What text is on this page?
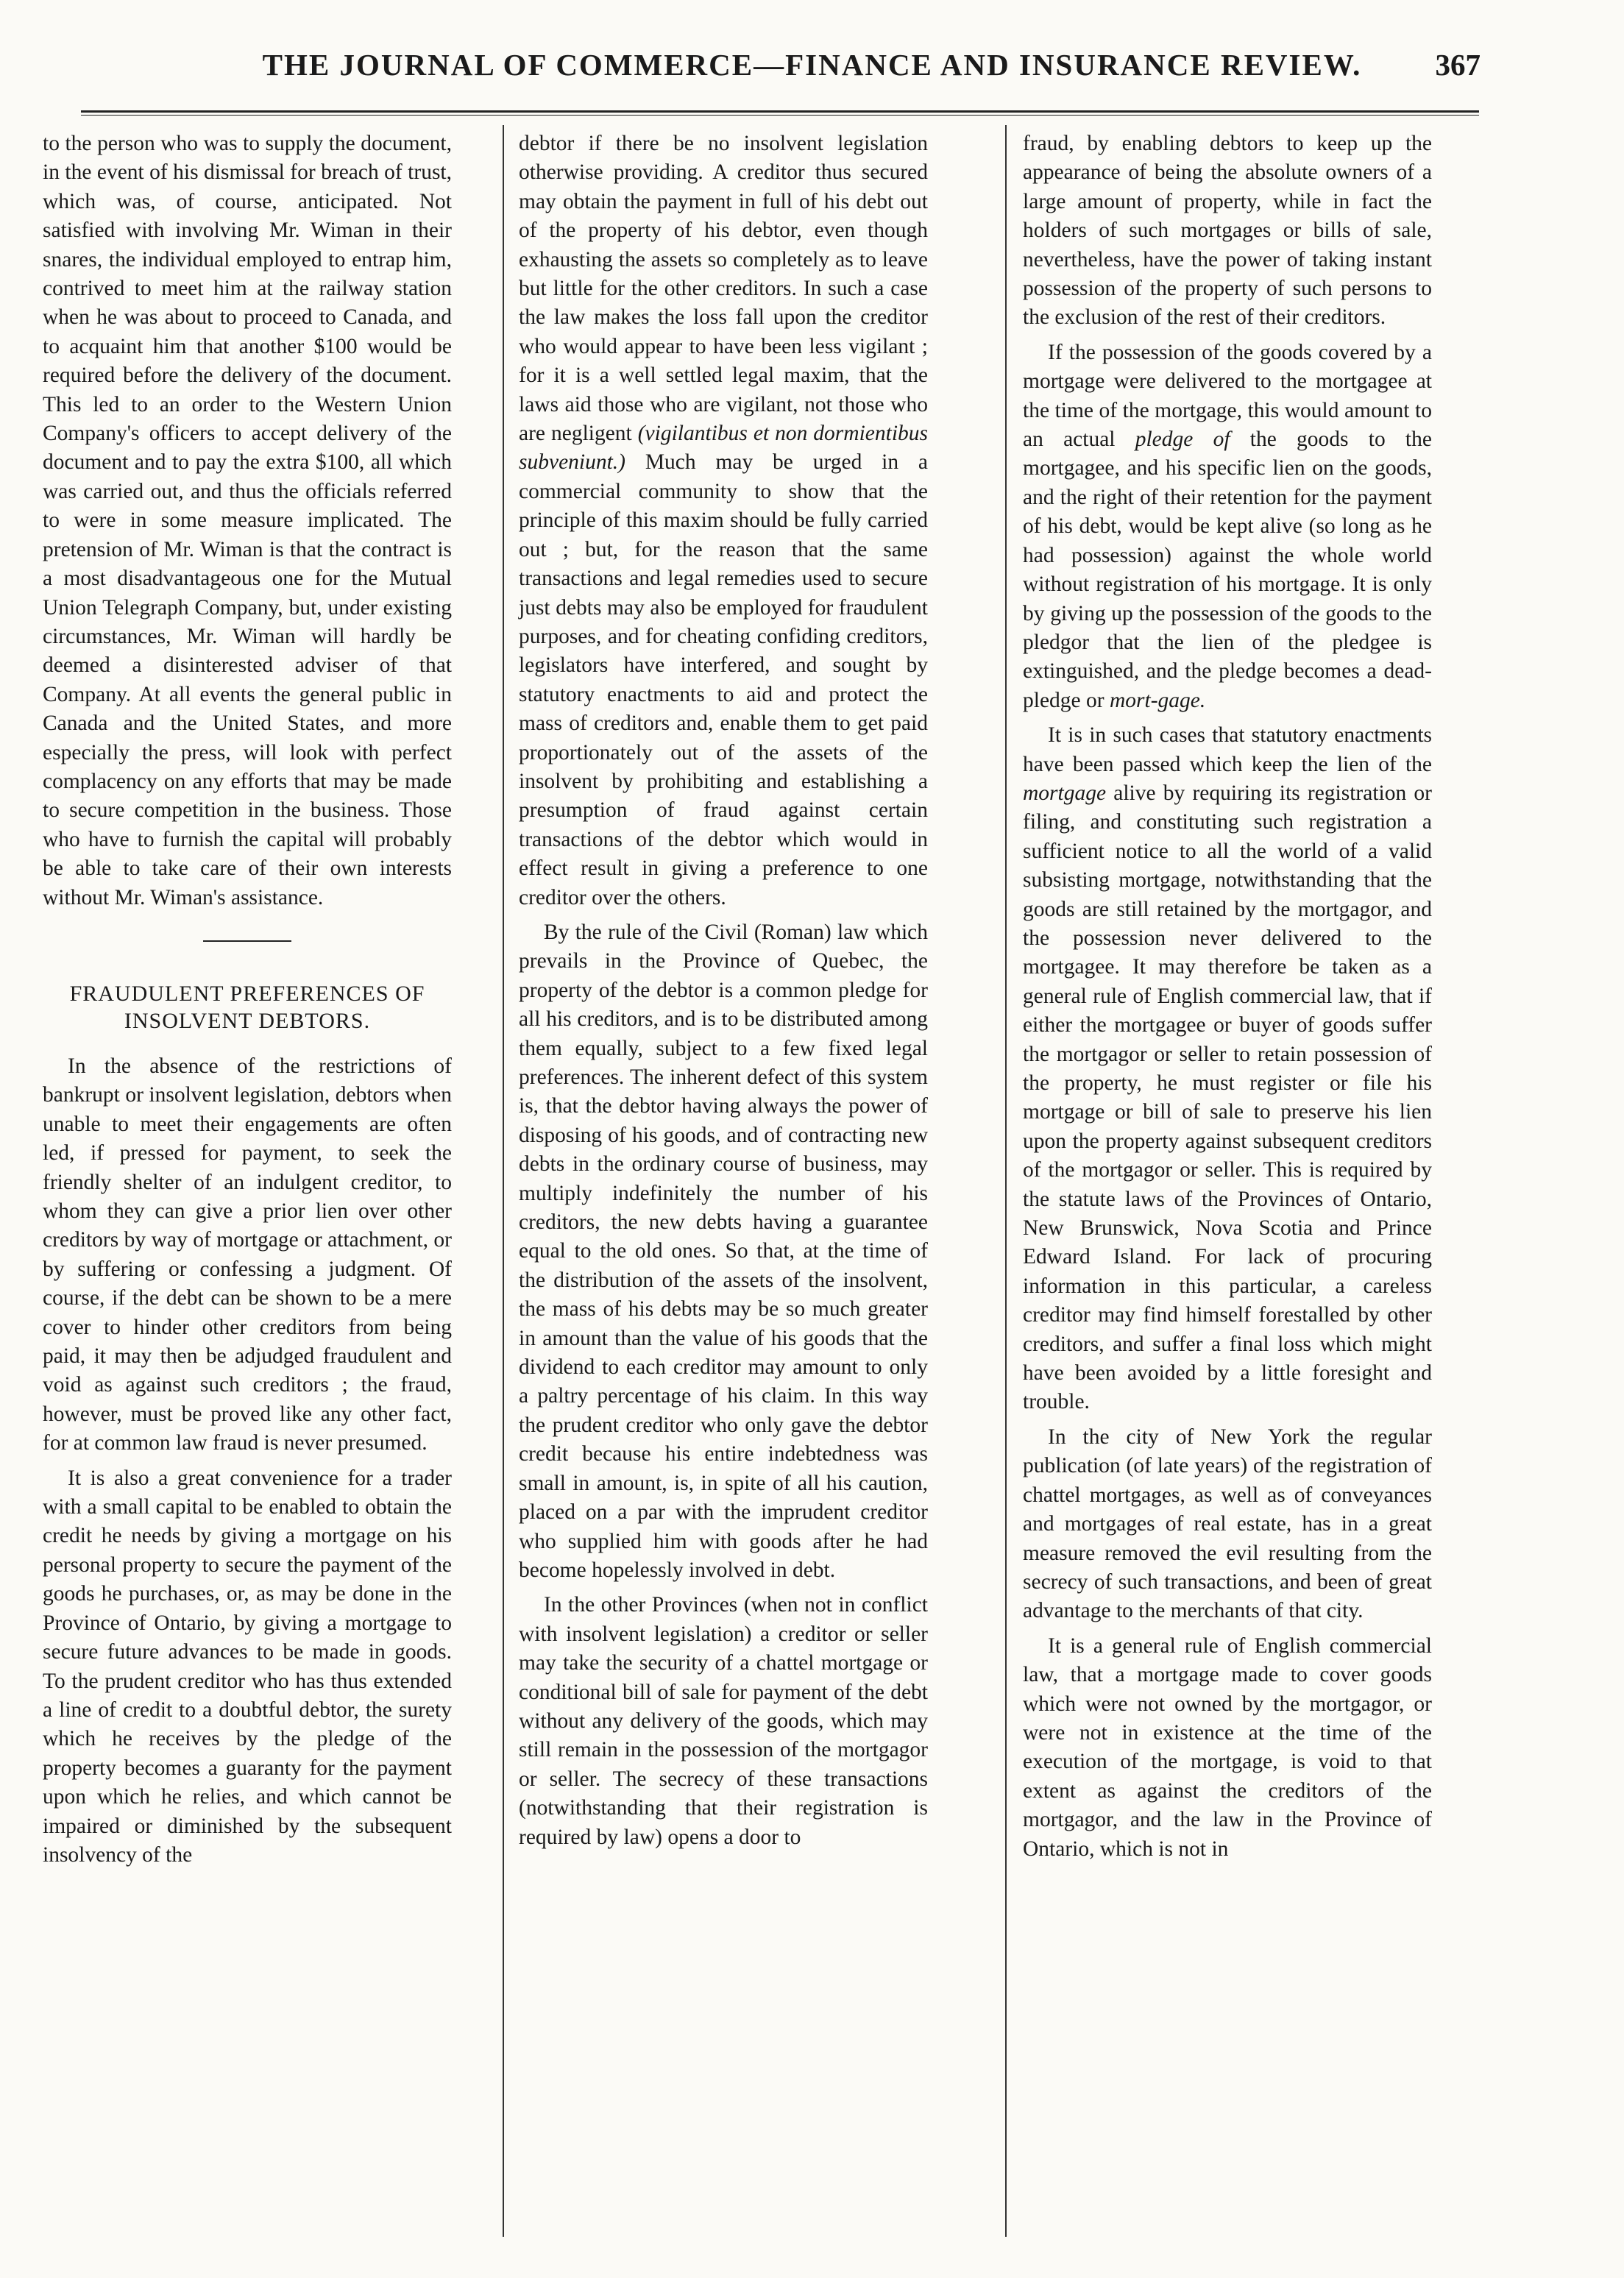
THE JOURNAL OF COMMERCE—FINANCE AND INSURANCE REVIEW.	367

to the person who was to supply the document, in the event of his dismissal for breach of trust, which was, of course, anticipated. Not satisfied with involving Mr. Wiman in their snares, the individual employed to entrap him, contrived to meet him at the railway station when he was about to proceed to Canada, and to acquaint him that another $100 would be required before the delivery of the document. This led to an order to the Western Union Company's officers to accept delivery of the document and to pay the extra $100, all which was carried out, and thus the officials referred to were in some measure implicated. The pretension of Mr. Wiman is that the contract is a most disadvantageous one for the Mutual Union Telegraph Company, but, under existing circumstances, Mr. Wiman will hardly be deemed a disinterested adviser of that Company. At all events the general public in Canada and the United States, and more especially the press, will look with perfect complacency on any efforts that may be made to secure competition in the business. Those who have to furnish the capital will probably be able to take care of their own interests without Mr. Wiman's assistance.

FRAUDULENT PREFERENCES OF INSOLVENT DEBTORS.

In the absence of the restrictions of bankrupt or insolvent legislation, debtors when unable to meet their engagements are often led, if pressed for payment, to seek the friendly shelter of an indulgent creditor, to whom they can give a prior lien over other creditors by way of mortgage or attachment, or by suffering or confessing a judgment. Of course, if the debt can be shown to be a mere cover to hinder other creditors from being paid, it may then be adjudged fraudulent and void as against such creditors ; the fraud, however, must be proved like any other fact, for at common law fraud is never presumed.

It is also a great convenience for a trader with a small capital to be enabled to obtain the credit he needs by giving a mortgage on his personal property to secure the payment of the goods he purchases, or, as may be done in the Province of Ontario, by giving a mortgage to secure future advances to be made in goods. To the prudent creditor who has thus extended a line of credit to a doubtful debtor, the surety which he receives by the pledge of the property becomes a guaranty for the payment upon which he relies, and which cannot be impaired or diminished by the subsequent insolvency of the

debtor if there be no insolvent legislation otherwise providing. A creditor thus secured may obtain the payment in full of his debt out of the property of his debtor, even though exhausting the assets so completely as to leave but little for the other creditors. In such a case the law makes the loss fall upon the creditor who would appear to have been less vigilant ; for it is a well settled legal maxim, that the laws aid those who are vigilant, not those who are negligent (vigilantibus et non dormientibus subveniunt.) Much may be urged in a commercial community to show that the principle of this maxim should be fully carried out ; but, for the reason that the same transactions and legal remedies used to secure just debts may also be employed for fraudulent purposes, and for cheating confiding creditors, legislators have interfered, and sought by statutory enactments to aid and protect the mass of creditors and, enable them to get paid proportionately out of the assets of the insolvent by prohibiting and establishing a presumption of fraud against certain transactions of the debtor which would in effect result in giving a preference to one creditor over the others.

By the rule of the Civil (Roman) law which prevails in the Province of Quebec, the property of the debtor is a common pledge for all his creditors, and is to be distributed among them equally, subject to a few fixed legal preferences. The inherent defect of this system is, that the debtor having always the power of disposing of his goods, and of contracting new debts in the ordinary course of business, may multiply indefinitely the number of his creditors, the new debts having a guarantee equal to the old ones. So that, at the time of the distribution of the assets of the insolvent, the mass of his debts may be so much greater in amount than the value of his goods that the dividend to each creditor may amount to only a paltry percentage of his claim. In this way the prudent creditor who only gave the debtor credit because his entire indebtedness was small in amount, is, in spite of all his caution, placed on a par with the imprudent creditor who supplied him with goods after he had become hopelessly involved in debt.

In the other Provinces (when not in conflict with insolvent legislation) a creditor or seller may take the security of a chattel mortgage or conditional bill of sale for payment of the debt without any delivery of the goods, which may still remain in the possession of the mortgagor or seller. The secrecy of these transactions (notwithstanding that their registration is required by law) opens a door to

fraud, by enabling debtors to keep up the appearance of being the absolute owners of a large amount of property, while in fact the holders of such mortgages or bills of sale, nevertheless, have the power of taking instant possession of the property of such persons to the exclusion of the rest of their creditors.

If the possession of the goods covered by a mortgage were delivered to the mortgagee at the time of the mortgage, this would amount to an actual pledge of the goods to the mortgagee, and his specific lien on the goods, and the right of their retention for the payment of his debt, would be kept alive (so long as he had possession) against the whole world without registration of his mortgage. It is only by giving up the possession of the goods to the pledgor that the lien of the pledgee is extinguished, and the pledge becomes a dead-pledge or mort-gage.

It is in such cases that statutory enactments have been passed which keep the lien of the mortgage alive by requiring its registration or filing, and constituting such registration a sufficient notice to all the world of a valid subsisting mortgage, notwithstanding that the goods are still retained by the mortgagor, and the possession never delivered to the mortgagee. It may therefore be taken as a general rule of English commercial law, that if either the mortgagee or buyer of goods suffer the mortgagor or seller to retain possession of the property, he must register or file his mortgage or bill of sale to preserve his lien upon the property against subsequent creditors of the mortgagor or seller. This is required by the statute laws of the Provinces of Ontario, New Brunswick, Nova Scotia and Prince Edward Island. For lack of procuring information in this particular, a careless creditor may find himself forestalled by other creditors, and suffer a final loss which might have been avoided by a little foresight and trouble.

In the city of New York the regular publication (of late years) of the registration of chattel mortgages, as well as of conveyances and mortgages of real estate, has in a great measure removed the evil resulting from the secrecy of such transactions, and been of great advantage to the merchants of that city.

It is a general rule of English commercial law, that a mortgage made to cover goods which were not owned by the mortgagor, or were not in existence at the time of the execution of the mortgage, is void to that extent as against the creditors of the mortgagor, and the law in the Province of Ontario, which is not in
